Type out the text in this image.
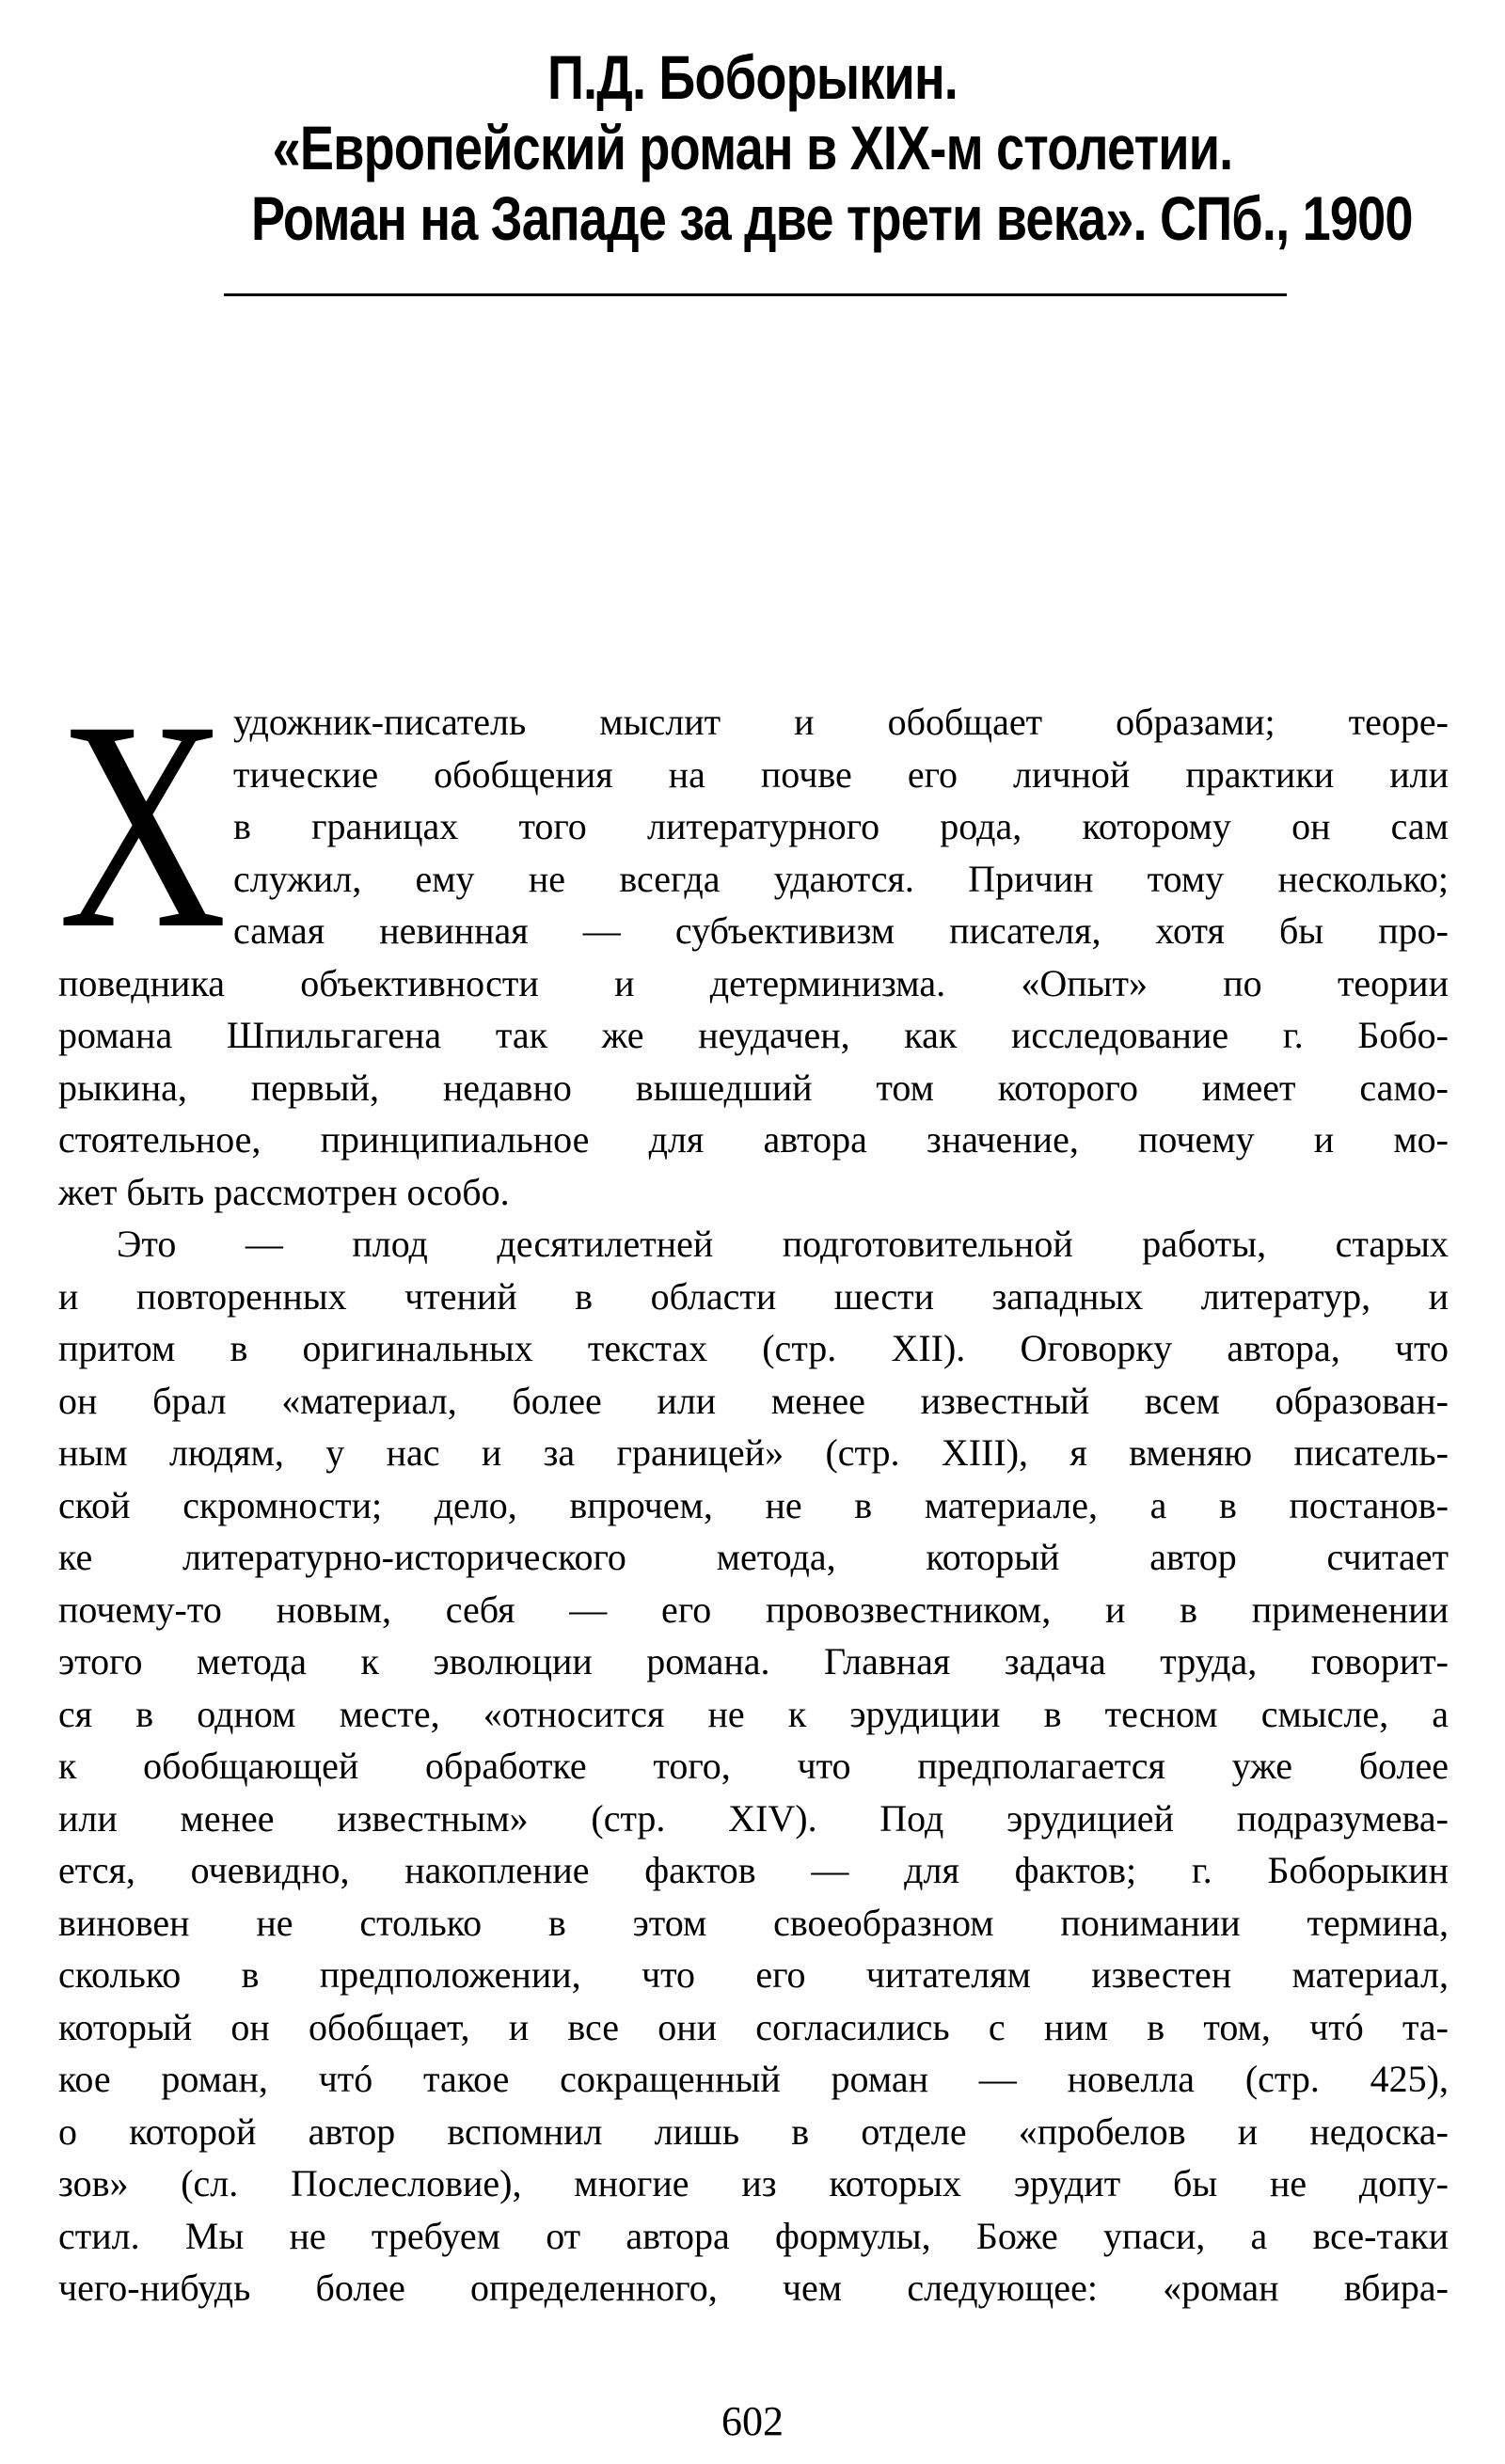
П.Д. Боборыкин.
«Европейский роман в XIX-м столетии.
Роман на Западе за две трети века». СПб., 1900
Х удожник-писатель мыслит и обобщает образами; теоре-
тические обобщения на почве его личной практики или
в границах того литературного рода, которому он сам
служил, ему не всегда удаются. Причин тому несколько;
самая невинная — субъективизм писателя, хотя бы про-
поведника объективности и детерминизма. «Опыт» по теории
романа Шпильгагена так же неудачен, как исследование г. Бобо-
рыкина, первый, недавно вышедший том которого имеет само-
стоятельное, принципиальное для автора значение, почему и мо-
жет быть рассмотрен особо.
Это — плод десятилетней подготовительной работы, старых
и повторенных чтений в области шести западных литератур, и
притом в оригинальных текстах (стр. XII). Оговорку автора, что
он брал «материал, более или менее известный всем образован-
ным людям, у нас и за границей» (стр. XIII), я вменяю писатель-
ской скромности; дело, впрочем, не в материале, а в постанов-
ке литературно-исторического метода, который автор считает
почему-то новым, себя — его провозвестником, и в применении
этого метода к эволюции романа. Главная задача труда, говорит-
ся в одном месте, «относится не к эрудиции в тесном смысле, а
к обобщающей обработке того, что предполагается уже более
или менее известным» (стр. XIV). Под эрудицией подразумева-
ется, очевидно, накопление фактов — для фактов; г. Боборыкин
виновен не столько в этом своеобразном понимании термина,
сколько в предположении, что его читателям известен материал,
который он обобщает, и все они согласились с ним в том, чтó та-
кое роман, чтó такое сокращенный роман — новелла (стр. 425),
о которой автор вспомнил лишь в отделе «пробелов и недоска-
зов» (сл. Послесловие), многие из которых эрудит бы не допу-
стил. Мы не требуем от автора формулы, Боже упаси, а все-таки
чего-нибудь более определенного, чем следующее: «роман вбира-
602
